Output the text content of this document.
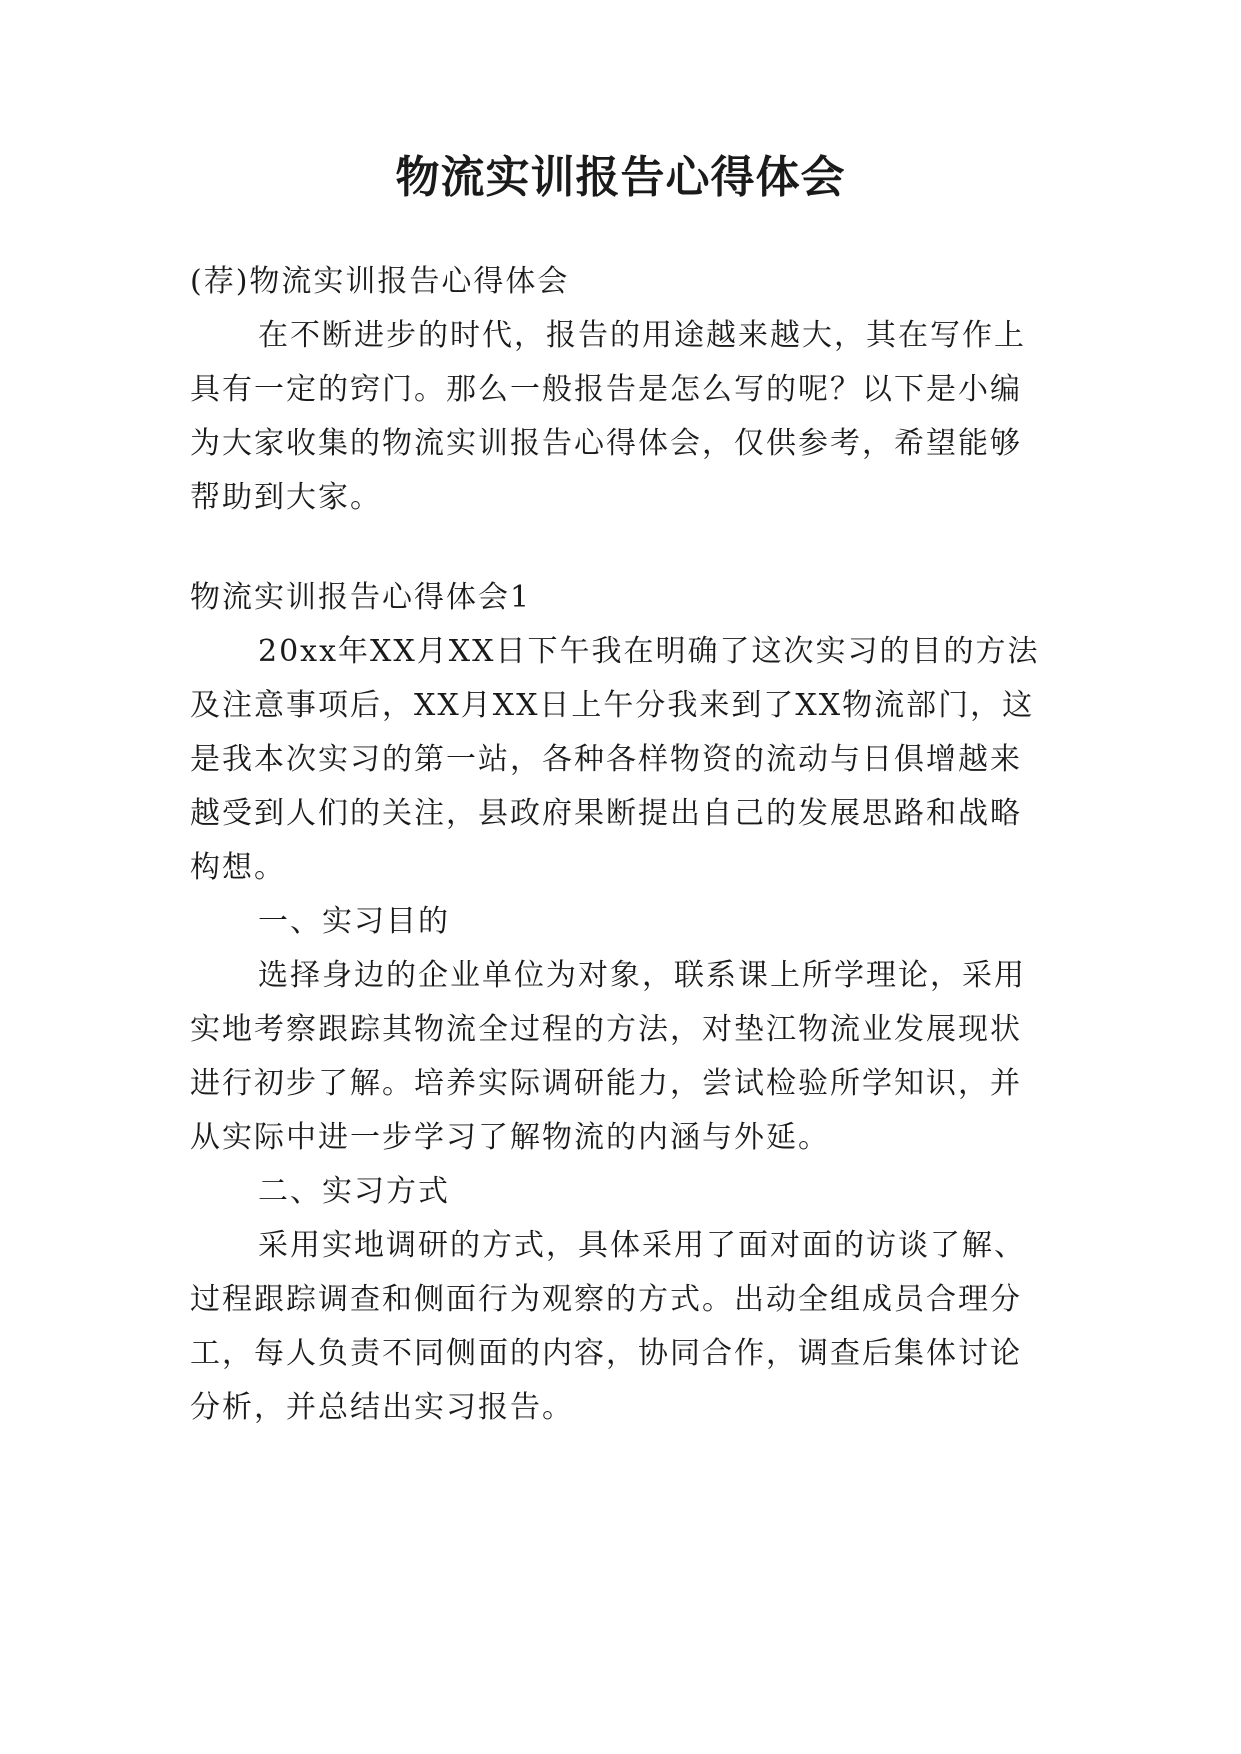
物流实训报告心得体会
(荐)物流实训报告心得体会
在不断进步的时代，报告的用途越来越大，其在写作上
具有一定的窍门。那么一般报告是怎么写的呢？以下是小编
为大家收集的物流实训报告心得体会，仅供参考，希望能够
帮助到大家。
物流实训报告心得体会1
20xx年XX月XX日下午我在明确了这次实习的目的方法
及注意事项后，XX月XX日上午分我来到了XX物流部门，这
是我本次实习的第一站，各种各样物资的流动与日俱增越来
越受到人们的关注，县政府果断提出自己的发展思路和战略
构想。
一、实习目的
选择身边的企业单位为对象，联系课上所学理论，采用
实地考察跟踪其物流全过程的方法，对垫江物流业发展现状
进行初步了解。培养实际调研能力，尝试检验所学知识，并
从实际中进一步学习了解物流的内涵与外延。
二、实习方式
采用实地调研的方式，具体采用了面对面的访谈了解、
过程跟踪调查和侧面行为观察的方式。出动全组成员合理分
工，每人负责不同侧面的内容，协同合作，调查后集体讨论
分析，并总结出实习报告。
